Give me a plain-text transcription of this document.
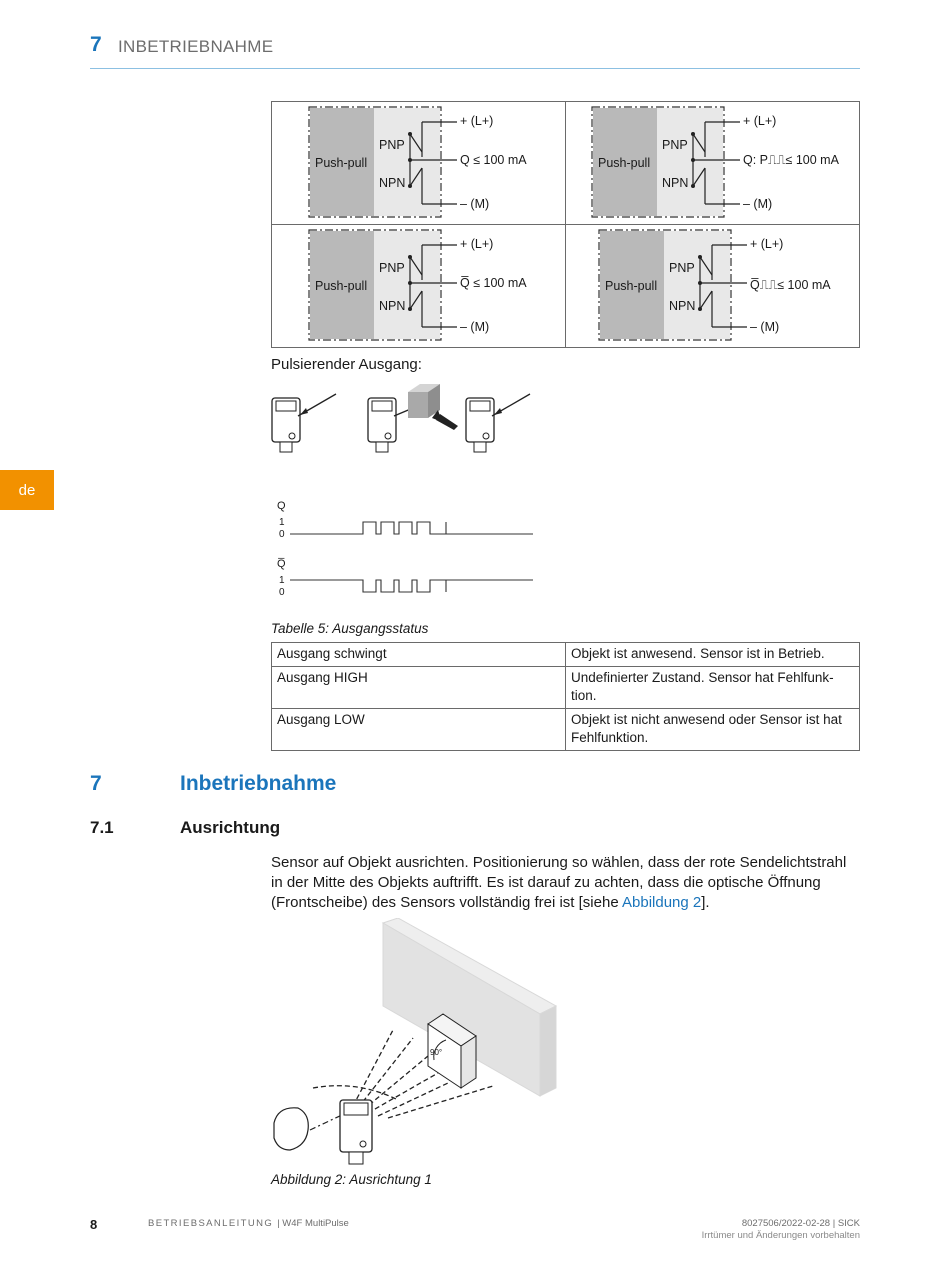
7 INBETRIEBNAHME
de
Push-pull
PNP
NPN
+ (L+)
Q ≤ 100 mA
– (M)
Push-pull
PNP
NPN
+ (L+)
Q: P⎍⎍≤ 100 mA
– (M)
Push-pull
PNP
NPN
+ (L+)
Q̅ ≤ 100 mA
– (M)
Push-pull
PNP
NPN
+ (L+)
Q̅⎍⎍≤ 100 mA
– (M)
Pulsierender Ausgang:
Q
1
0
Q̅
1
0
Tabelle 5: Ausgangsstatus
Ausgang schwingt	Objekt ist anwesend. Sensor ist in Betrieb.
Ausgang HIGH	Undefinierter Zustand. Sensor hat Fehlfunk-tion.
Ausgang LOW	Objekt ist nicht anwesend oder Sensor ist hat Fehlfunktion.
7	Inbetriebnahme
7.1	Ausrichtung
Sensor auf Objekt ausrichten. Positionierung so wählen, dass der rote Sendelichtstrahl in der Mitte des Objekts auftrifft. Es ist darauf zu achten, dass die optische Öffnung (Frontscheibe) des Sensors vollständig frei ist [siehe Abbildung 2].
90°
Abbildung 2: Ausrichtung 1
8	BETRIEBSANLEITUNG | W4F MultiPulse	8027506/2022-02-28 | SICK
Irrtümer und Änderungen vorbehalten
